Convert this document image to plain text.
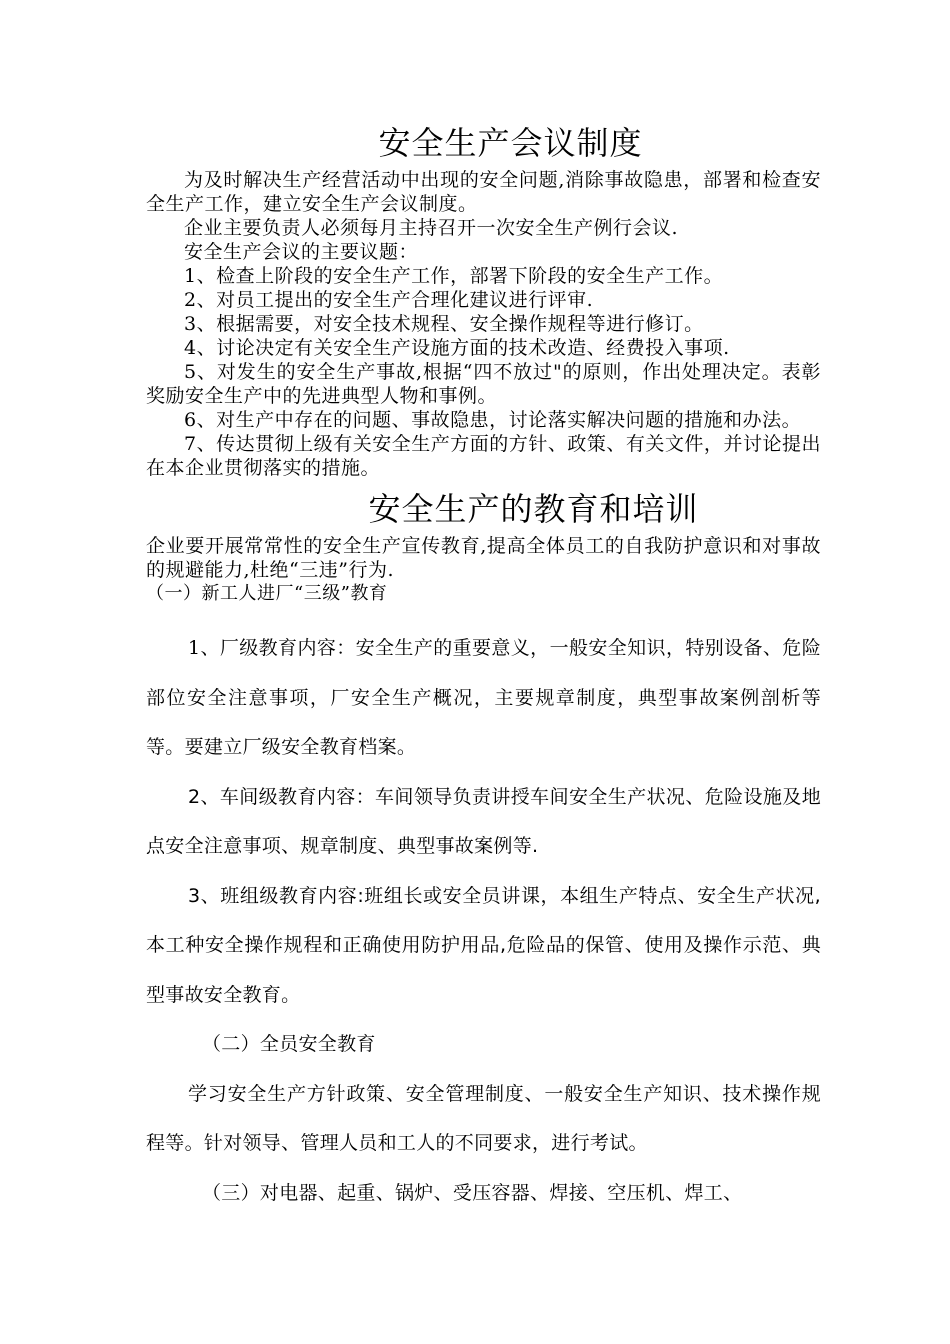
安全生产会议制度

为及时解决生产经营活动中出现的安全问题,消除事故隐患，部署和检查安全生产工作，建立安全生产会议制度。

企业主要负责人必须每月主持召开一次安全生产例行会议.

安全生产会议的主要议题：

1、检查上阶段的安全生产工作，部署下阶段的安全生产工作。

2、对员工提出的安全生产合理化建议进行评审.

3、根据需要，对安全技术规程、安全操作规程等进行修订。

4、讨论决定有关安全生产设施方面的技术改造、经费投入事项.

5、对发生的安全生产事故,根据“四不放过"的原则，作出处理决定。表彰奖励安全生产中的先进典型人物和事例。

6、对生产中存在的问题、事故隐患，讨论落实解决问题的措施和办法。

7、传达贯彻上级有关安全生产方面的方针、政策、有关文件，并讨论提出在本企业贯彻落实的措施。

安全生产的教育和培训

企业要开展常常性的安全生产宣传教育,提高全体员工的自我防护意识和对事故的规避能力,杜绝“三违”行为.

（一）新工人进厂“三级”教育

1、厂级教育内容：安全生产的重要意义，一般安全知识，特别设备、危险部位安全注意事项，厂安全生产概况，主要规章制度，典型事故案例剖析等等。要建立厂级安全教育档案。

2、车间级教育内容：车间领导负责讲授车间安全生产状况、危险设施及地点安全注意事项、规章制度、典型事故案例等.

3、班组级教育内容:班组长或安全员讲课，本组生产特点、安全生产状况,本工种安全操作规程和正确使用防护用品,危险品的保管、使用及操作示范、典型事故安全教育。

（二）全员安全教育

学习安全生产方针政策、安全管理制度、一般安全生产知识、技术操作规程等。针对领导、管理人员和工人的不同要求，进行考试。

（三）对电器、起重、锅炉、受压容器、焊接、空压机、焊工、
